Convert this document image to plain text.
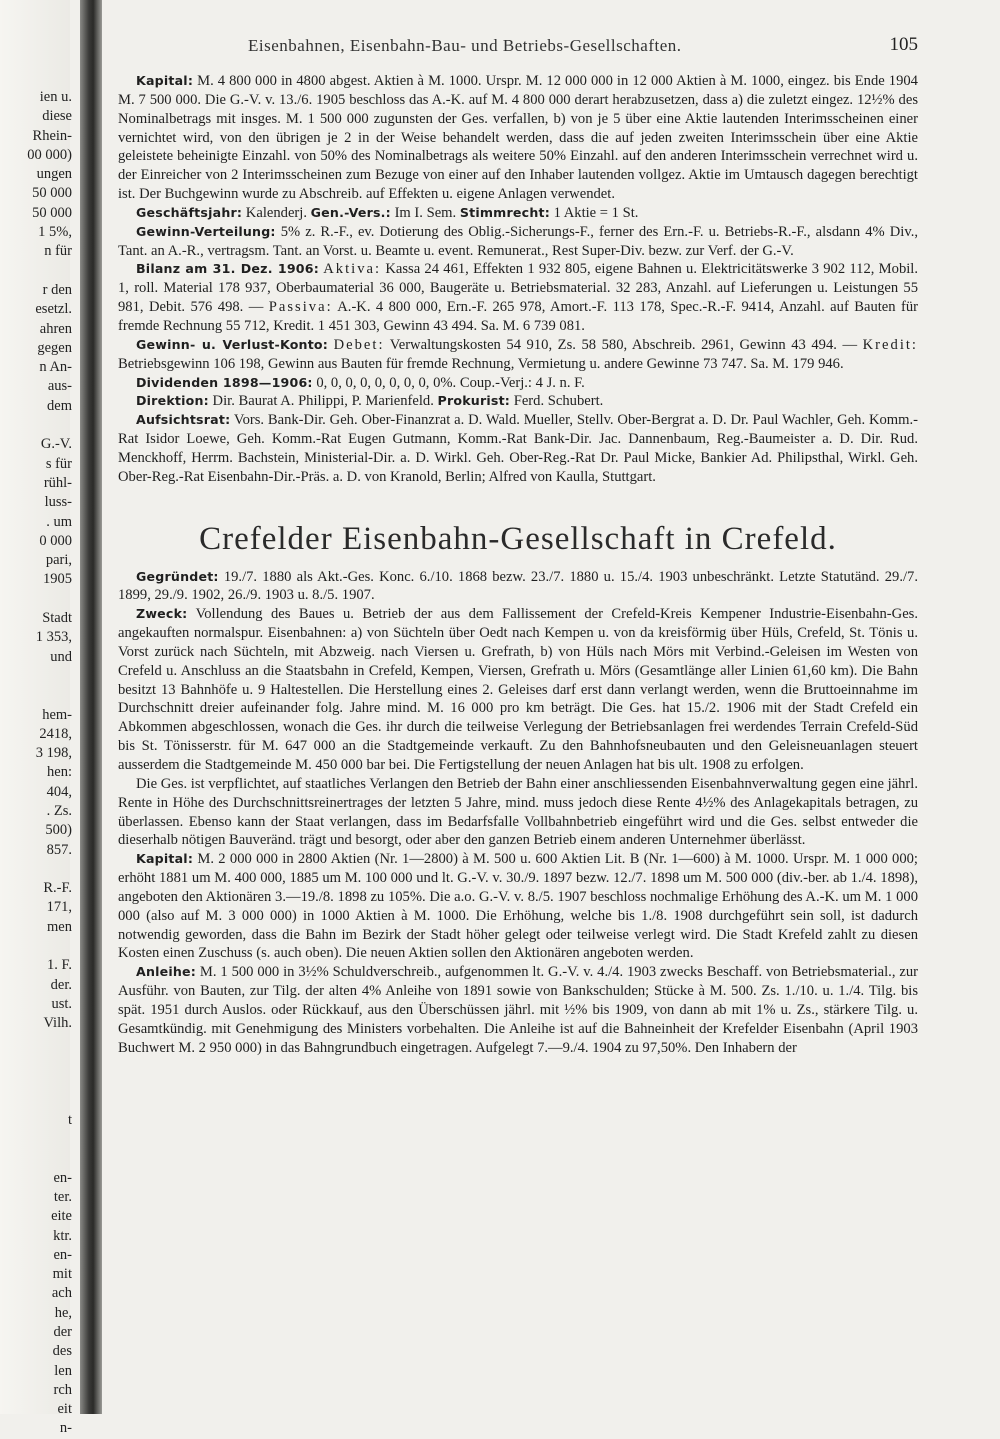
ien u.
diese
Rhein-
00 000)
ungen
50 000
50 000
1 5%,
n für

r den
esetzl.
ahren
gegen
n An-
aus-
dem

G.-V.
s für
rühl-
luss-
. um
0 000
pari,
1905

Stadt
1 353,
und

hem-
2418,
3 198,
hen:
404,
. Zs.
500)
857.

R.-F.
171,
men

1. F.
der.
ust.
Vilh.

t

en-
ter.
eite
ktr.
en-
mit
ach
he,
der
des
len
rch
eit
n-
Eisenbahnen, Eisenbahn-Bau- und Betriebs-Gesellschaften.	105

Kapital: M. 4 800 000 in 4800 abgest. Aktien à M. 1000. Urspr. M. 12 000 000 in 12 000 Aktien à M. 1000, eingez. bis Ende 1904 M. 7 500 000. Die G.-V. v. 13./6. 1905 beschloss das A.-K. auf M. 4 800 000 derart herabzusetzen, dass a) die zuletzt eingez. 12½% des Nominalbetrags mit insges. M. 1 500 000 zugunsten der Ges. verfallen, b) von je 5 über eine Aktie lautenden Interimsscheinen einer vernichtet wird, von den übrigen je 2 in der Weise behandelt werden, dass die auf jeden zweiten Interimsschein über eine Aktie geleistete beheinigte Einzahl. von 50% des Nominalbetrags als weitere 50% Einzahl. auf den anderen Interimsschein verrechnet wird u. der Einreicher von 2 Interimsscheinen zum Bezuge von einer auf den Inhaber lautenden vollgez. Aktie im Umtausch dagegen berechtigt ist. Der Buchgewinn wurde zu Abschreib. auf Effekten u. eigene Anlagen verwendet.

Geschäftsjahr: Kalenderj. Gen.-Vers.: Im I. Sem. Stimmrecht: 1 Aktie = 1 St.

Gewinn-Verteilung: 5% z. R.-F., ev. Dotierung des Oblig.-Sicherungs-F., ferner des Ern.-F. u. Betriebs-R.-F., alsdann 4% Div., Tant. an A.-R., vertragsm. Tant. an Vorst. u. Beamte u. event. Remunerat., Rest Super-Div. bezw. zur Verf. der G.-V.

Bilanz am 31. Dez. 1906: Aktiva: Kassa 24 461, Effekten 1 932 805, eigene Bahnen u. Elektricitätswerke 3 902 112, Mobil. 1, roll. Material 178 937, Oberbaumaterial 36 000, Baugeräte u. Betriebsmaterial. 32 283, Anzahl. auf Lieferungen u. Leistungen 55 981, Debit. 576 498. — Passiva: A.-K. 4 800 000, Ern.-F. 265 978, Amort.-F. 113 178, Spec.-R.-F. 9414, Anzahl. auf Bauten für fremde Rechnung 55 712, Kredit. 1 451 303, Gewinn 43 494. Sa. M. 6 739 081.

Gewinn- u. Verlust-Konto: Debet: Verwaltungskosten 54 910, Zs. 58 580, Abschreib. 2961, Gewinn 43 494. — Kredit: Betriebsgewinn 106 198, Gewinn aus Bauten für fremde Rechnung, Vermietung u. andere Gewinne 73 747. Sa. M. 179 946.

Dividenden 1898—1906: 0, 0, 0, 0, 0, 0, 0, 0, 0%. Coup.-Verj.: 4 J. n. F.

Direktion: Dir. Baurat A. Philippi, P. Marienfeld. Prokurist: Ferd. Schubert.

Aufsichtsrat: Vors. Bank-Dir. Geh. Ober-Finanzrat a. D. Wald. Mueller, Stellv. Ober-Bergrat a. D. Dr. Paul Wachler, Geh. Komm.-Rat Isidor Loewe, Geh. Komm.-Rat Eugen Gutmann, Komm.-Rat Bank-Dir. Jac. Dannenbaum, Reg.-Baumeister a. D. Dir. Rud. Menckhoff, Herrm. Bachstein, Ministerial-Dir. a. D. Wirkl. Geh. Ober-Reg.-Rat Dr. Paul Micke, Bankier Ad. Philipsthal, Wirkl. Geh. Ober-Reg.-Rat Eisenbahn-Dir.-Präs. a. D. von Kranold, Berlin; Alfred von Kaulla, Stuttgart.

Crefelder Eisenbahn-Gesellschaft in Crefeld.

Gegründet: 19./7. 1880 als Akt.-Ges. Konc. 6./10. 1868 bezw. 23./7. 1880 u. 15./4. 1903 unbeschränkt. Letzte Statutänd. 29./7. 1899, 29./9. 1902, 26./9. 1903 u. 8./5. 1907.

Zweck: Vollendung des Baues u. Betrieb der aus dem Fallissement der Crefeld-Kreis Kempener Industrie-Eisenbahn-Ges. angekauften normalspur. Eisenbahnen: a) von Süchteln über Oedt nach Kempen u. von da kreisförmig über Hüls, Crefeld, St. Tönis u. Vorst zurück nach Süchteln, mit Abzweig. nach Viersen u. Grefrath, b) von Hüls nach Mörs mit Verbind.-Geleisen im Westen von Crefeld u. Anschluss an die Staatsbahn in Crefeld, Kempen, Viersen, Grefrath u. Mörs (Gesamtlänge aller Linien 61,60 km). Die Bahn besitzt 13 Bahnhöfe u. 9 Haltestellen. Die Herstellung eines 2. Geleises darf erst dann verlangt werden, wenn die Bruttoeinnahme im Durchschnitt dreier aufeinander folg. Jahre mind. M. 16 000 pro km beträgt. Die Ges. hat 15./2. 1906 mit der Stadt Crefeld ein Abkommen abgeschlossen, wonach die Ges. ihr durch die teilweise Verlegung der Betriebsanlagen frei werdendes Terrain Crefeld-Süd bis St. Tönisserstr. für M. 647 000 an die Stadtgemeinde verkauft. Zu den Bahnhofsneubauten und den Geleisneuanlagen steuert ausserdem die Stadtgemeinde M. 450 000 bar bei. Die Fertigstellung der neuen Anlagen hat bis ult. 1908 zu erfolgen.

Die Ges. ist verpflichtet, auf staatliches Verlangen den Betrieb der Bahn einer anschliessenden Eisenbahnverwaltung gegen eine jährl. Rente in Höhe des Durchschnittsreinertrages der letzten 5 Jahre, mind. muss jedoch diese Rente 4½% des Anlagekapitals betragen, zu überlassen. Ebenso kann der Staat verlangen, dass im Bedarfsfalle Vollbahnbetrieb eingeführt wird und die Ges. selbst entweder die dieserhalb nötigen Bauveränd. trägt und besorgt, oder aber den ganzen Betrieb einem anderen Unternehmer überlässt.

Kapital: M. 2 000 000 in 2800 Aktien (Nr. 1—2800) à M. 500 u. 600 Aktien Lit. B (Nr. 1—600) à M. 1000. Urspr. M. 1 000 000; erhöht 1881 um M. 400 000, 1885 um M. 100 000 und lt. G.-V. v. 30./9. 1897 bezw. 12./7. 1898 um M. 500 000 (div.-ber. ab 1./4. 1898), angeboten den Aktionären 3.—19./8. 1898 zu 105%. Die a.o. G.-V. v. 8./5. 1907 beschloss nochmalige Erhöhung des A.-K. um M. 1 000 000 (also auf M. 3 000 000) in 1000 Aktien à M. 1000. Die Erhöhung, welche bis 1./8. 1908 durchgeführt sein soll, ist dadurch notwendig geworden, dass die Bahn im Bezirk der Stadt höher gelegt oder teilweise verlegt wird. Die Stadt Krefeld zahlt zu diesen Kosten einen Zuschuss (s. auch oben). Die neuen Aktien sollen den Aktionären angeboten werden.

Anleihe: M. 1 500 000 in 3½% Schuldverschreib., aufgenommen lt. G.-V. v. 4./4. 1903 zwecks Beschaff. von Betriebsmaterial., zur Ausführ. von Bauten, zur Tilg. der alten 4% Anleihe von 1891 sowie von Bankschulden; Stücke à M. 500. Zs. 1./10. u. 1./4. Tilg. bis spät. 1951 durch Auslos. oder Rückkauf, aus den Überschüssen jährl. mit ½% bis 1909, von dann ab mit 1% u. Zs., stärkere Tilg. u. Gesamtkündig. mit Genehmigung des Ministers vorbehalten. Die Anleihe ist auf die Bahneinheit der Krefelder Eisenbahn (April 1903 Buchwert M. 2 950 000) in das Bahngrundbuch eingetragen. Aufgelegt 7.—9./4. 1904 zu 97,50%. Den Inhabern der
